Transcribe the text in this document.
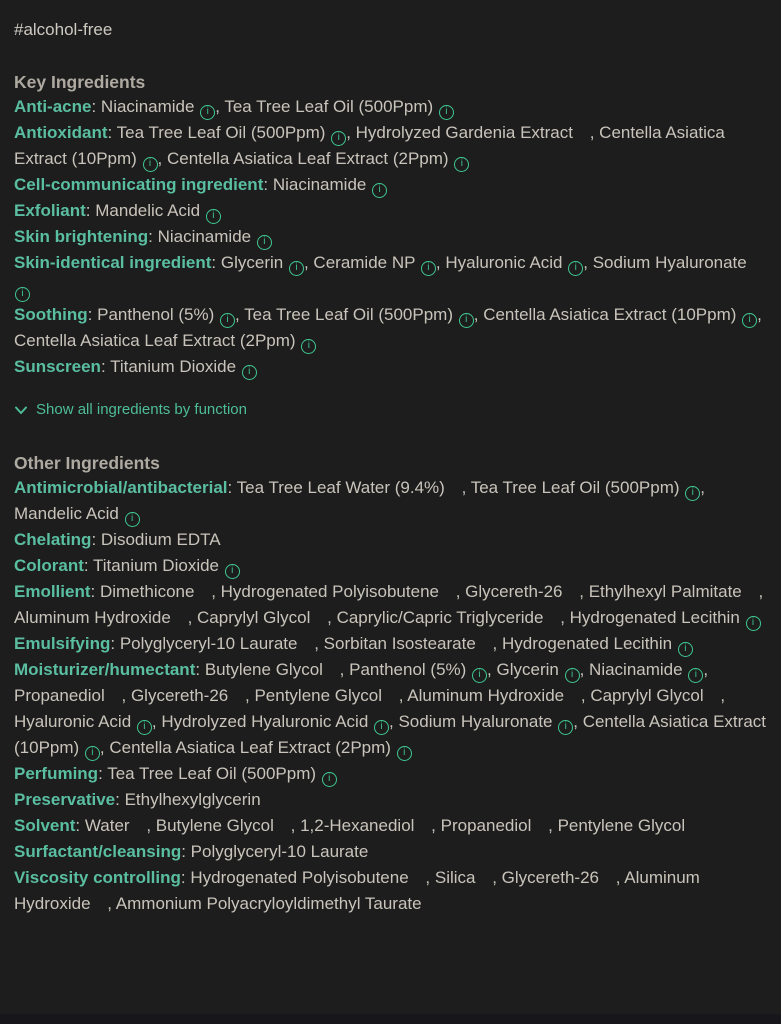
#alcohol-free
Key Ingredients

Anti-acne: Niacinamide i , Tea Tree Leaf Oil (500Ppm) i

Antioxidant: Tea Tree Leaf Oil (500Ppm) i , Hydrolyzed Gardenia Extract , Centella Asiatica Extract (10Ppm) i , Centella Asiatica Leaf Extract (2Ppm) i

Cell-communicating ingredient: Niacinamide i

Exfoliant: Mandelic Acid i

Skin brightening: Niacinamide i

Skin-identical ingredient: Glycerin i , Ceramide NP i , Hyaluronic Acid i , Sodium Hyaluronate i

Soothing: Panthenol (5%) i , Tea Tree Leaf Oil (500Ppm) i , Centella Asiatica Extract (10Ppm) i , Centella Asiatica Leaf Extract (2Ppm) i

Sunscreen: Titanium Dioxide i

Show all ingredients by function
Other Ingredients

Antimicrobial/antibacterial: Tea Tree Leaf Water (9.4%) , Tea Tree Leaf Oil (500Ppm) i , Mandelic Acid i

Chelating: Disodium EDTA

Colorant: Titanium Dioxide i

Emollient: Dimethicone , Hydrogenated Polyisobutene , Glycereth-26 , Ethylhexyl Palmitate , Aluminum Hydroxide , Caprylyl Glycol , Caprylic/Capric Triglyceride , Hydrogenated Lecithin i

Emulsifying: Polyglyceryl-10 Laurate , Sorbitan Isostearate , Hydrogenated Lecithin i

Moisturizer/humectant: Butylene Glycol , Panthenol (5%) i , Glycerin i , Niacinamide i , Propanediol , Glycereth-26 , Pentylene Glycol , Aluminum Hydroxide , Caprylyl Glycol , Hyaluronic Acid i , Hydrolyzed Hyaluronic Acid i , Sodium Hyaluronate i , Centella Asiatica Extract (10Ppm) i , Centella Asiatica Leaf Extract (2Ppm) i

Perfuming: Tea Tree Leaf Oil (500Ppm) i

Preservative: Ethylhexylglycerin

Solvent: Water , Butylene Glycol , 1,2-Hexanediol , Propanediol , Pentylene Glycol

Surfactant/cleansing: Polyglyceryl-10 Laurate

Viscosity controlling: Hydrogenated Polyisobutene , Silica , Glycereth-26 , Aluminum Hydroxide , Ammonium Polyacryloyldimethyl Taurate
